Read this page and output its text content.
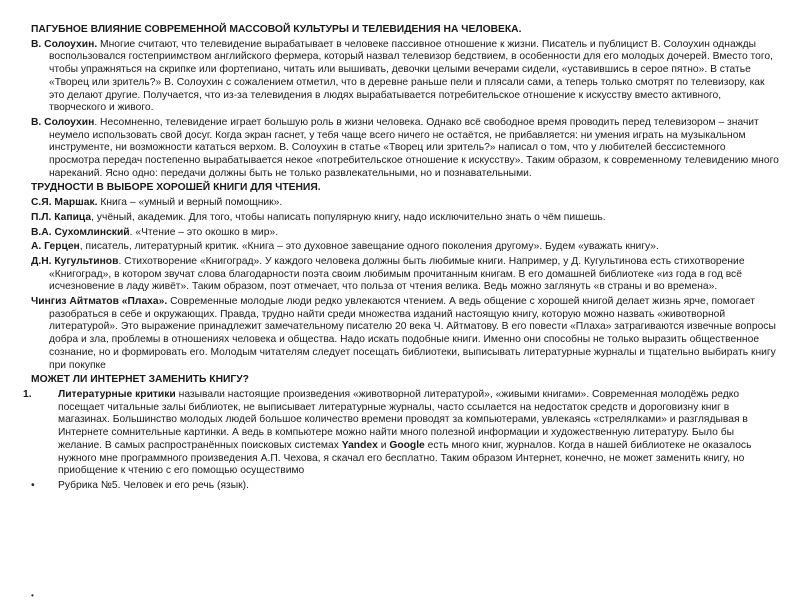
ПАГУБНОЕ ВЛИЯНИЕ СОВРЕМЕННОЙ МАССОВОЙ КУЛЬТУРЫ И ТЕЛЕВИДЕНИЯ НА ЧЕЛОВЕКА.
В. Солоухин. Многие считают, что телевидение вырабатывает в человеке пассивное отношение к жизни. Писатель и публицист В. Солоухин однажды воспользовался гостеприимством английского фермера, который назвал телевизор бедствием, в особенности для его молодых дочерей. Вместо того, чтобы упражняться на скрипке или фортепиано, читать или вышивать, девочки целыми вечерами сидели, «уставившись в серое пятно». В статье «Творец или зритель?» В. Солоухин с сожалением отметил, что в деревне раньше пели и плясали сами, а теперь только смотрят по телевизору, как это делают другие. Получается, что из-за телевидения в людях вырабатывается потребительское отношение к искусству вместо активного, творческого и живого.
В. Солоухин. Несомненно, телевидение играет большую роль в жизни человека. Однако всё свободное время проводить перед телевизором – значит неумело использовать свой досуг. Когда экран гаснет, у тебя чаще всего ничего не остаётся, не прибавляется: ни умения играть на музыкальном инструменте, ни возможности кататься верхом. В. Солоухин в статье «Творец или зритель?» написал о том, что у любителей бессистемного просмотра передач постепенно вырабатывается некое «потребительское отношение к искусству». Таким образом, к современному телевидению много нареканий. Ясно одно: передачи должны быть не только развлекательными, но и познавательными.
ТРУДНОСТИ В ВЫБОРЕ ХОРОШЕЙ КНИГИ ДЛЯ ЧТЕНИЯ.
С.Я. Маршак. Книга – «умный и верный помощник».
П.Л. Капица, учёный, академик. Для того, чтобы написать популярную книгу, надо исключительно знать о чём пишешь.
В.А. Сухомлинский. «Чтение – это окошко в мир».
А. Герцен, писатель, литературный критик. «Книга – это духовное завещание одного поколения другому». Будем «уважать книгу».
Д.Н. Кугультинов. Стихотворение «Книгоград». У каждого человека должны быть любимые книги. Например, у Д. Кугультинова есть стихотворение «Книгоград», в котором звучат слова благодарности поэта своим любимым прочитанным книгам. В его домашней библиотеке «из года в год всё исчезновение в ладу живёт». Таким образом, поэт отмечает, что польза от чтения велика. Ведь можно заглянуть «в страны и во времена».
Чингиз Айтматов «Плаха». Современные молодые люди редко увлекаются чтением. А ведь общение с хорошей книгой делает жизнь ярче, помогает разобраться в себе и окружающих. Правда, трудно найти среди множества изданий настоящую книгу, которую можно назвать «животворной литературой». Это выражение принадлежит замечательному писателю 20 века Ч. Айтматову. В его повести «Плаха» затрагиваются извечные вопросы добра и зла, проблемы в отношениях человека и общества. Надо искать подобные книги. Именно они способны не только выразить общественное сознание, но и формировать его. Молодым читателям следует посещать библиотеки, выписывать литературные журналы и тщательно выбирать книгу при покупке
МОЖЕТ ЛИ ИНТЕРНЕТ ЗАМЕНИТЬ КНИГУ?
1.	Литературные критики называли настоящие произведения «животворной литературой», «живыми книгами». Современная молодёжь редко посещает читальные залы библиотек, не выписывает литературные журналы, часто ссылается на недостаток средств и дороговизну книг в магазинах. Большинство молодых людей большое количество времени проводят за компьютерами, увлекаясь «стрелялками» и разглядывая в Интернете сомнительные картинки. А ведь в компьютере можно найти много полезной информации и художественную литературу. Было бы желание. В самых распространённых поисковых системах Yandex и Google есть много книг, журналов. Когда в нашей библиотеке не оказалось нужного мне программного произведения А.П. Чехова, я скачал его бесплатно. Таким образом Интернет, конечно, не может заменить книгу, но приобщение к чтению с его помощью осуществимо
• Рубрика №5. Человек и его речь (язык).
•
